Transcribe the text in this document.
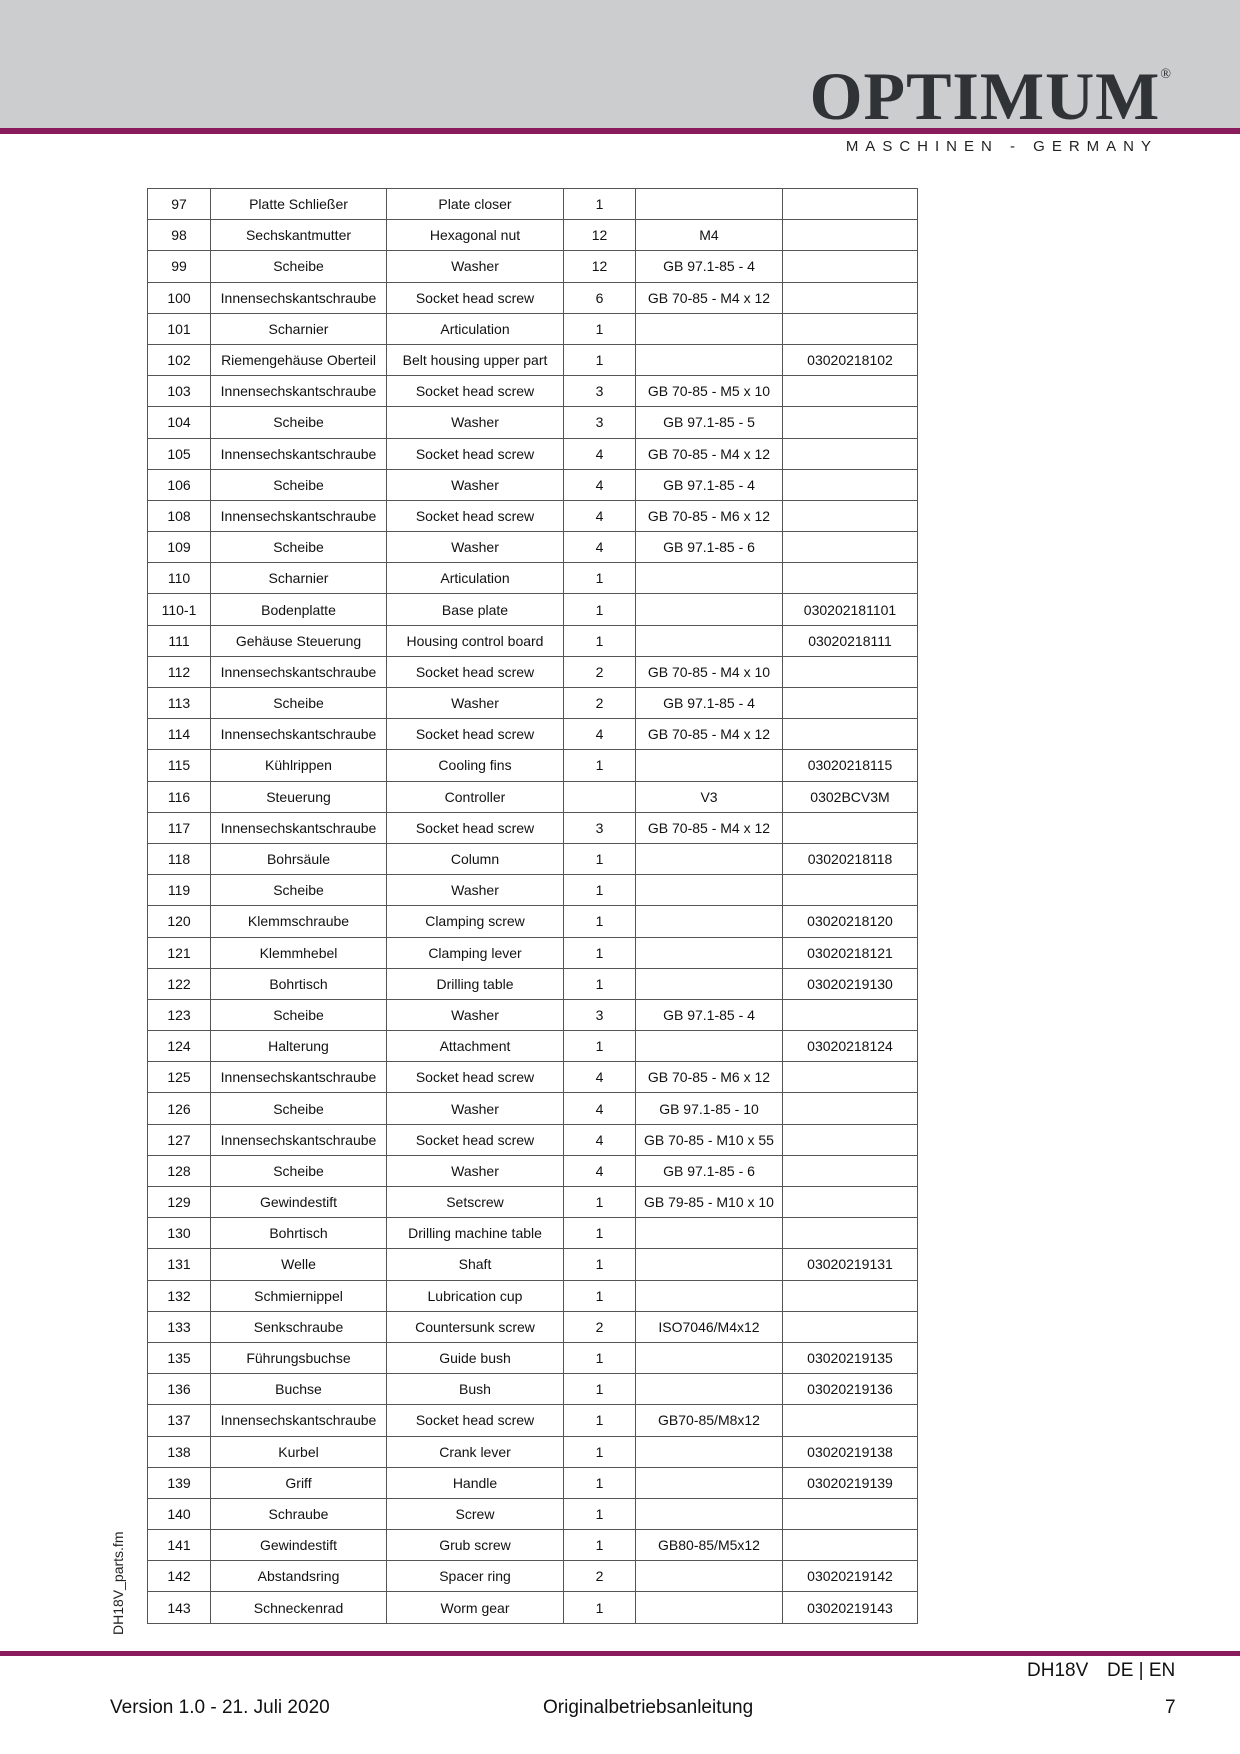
OPTIMUM®
MASCHINEN - GERMANY
97	Platte Schließer	Plate closer	1		
98	Sechskantmutter	Hexagonal nut	12	M4	
99	Scheibe	Washer	12	GB 97.1-85 - 4	
100	Innensechskantschraube	Socket head screw	6	GB 70-85 - M4 x 12	
101	Scharnier	Articulation	1		
102	Riemengehäuse Oberteil	Belt housing upper part	1		03020218102
103	Innensechskantschraube	Socket head screw	3	GB 70-85 - M5 x 10	
104	Scheibe	Washer	3	GB 97.1-85 - 5	
105	Innensechskantschraube	Socket head screw	4	GB 70-85 - M4 x 12	
106	Scheibe	Washer	4	GB 97.1-85 - 4	
108	Innensechskantschraube	Socket head screw	4	GB 70-85 - M6 x 12	
109	Scheibe	Washer	4	GB 97.1-85 - 6	
110	Scharnier	Articulation	1		
110-1	Bodenplatte	Base plate	1		030202181101
111	Gehäuse Steuerung	Housing control board	1		03020218111
112	Innensechskantschraube	Socket head screw	2	GB 70-85 - M4 x 10	
113	Scheibe	Washer	2	GB 97.1-85 - 4	
114	Innensechskantschraube	Socket head screw	4	GB 70-85 - M4 x 12	
115	Kühlrippen	Cooling fins	1		03020218115
116	Steuerung	Controller		V3	0302BCV3M
117	Innensechskantschraube	Socket head screw	3	GB 70-85 - M4 x 12	
118	Bohrsäule	Column	1		03020218118
119	Scheibe	Washer	1		
120	Klemmschraube	Clamping screw	1		03020218120
121	Klemmhebel	Clamping lever	1		03020218121
122	Bohrtisch	Drilling table	1		03020219130
123	Scheibe	Washer	3	GB 97.1-85 - 4	
124	Halterung	Attachment	1		03020218124
125	Innensechskantschraube	Socket head screw	4	GB 70-85 - M6 x 12	
126	Scheibe	Washer	4	GB 97.1-85 - 10	
127	Innensechskantschraube	Socket head screw	4	GB 70-85 - M10 x 55	
128	Scheibe	Washer	4	GB 97.1-85 - 6	
129	Gewindestift	Setscrew	1	GB 79-85 - M10 x 10	
130	Bohrtisch	Drilling machine table	1		
131	Welle	Shaft	1		03020219131
132	Schmiernippel	Lubrication cup	1		
133	Senkschraube	Countersunk screw	2	ISO7046/M4x12	
135	Führungsbuchse	Guide bush	1		03020219135
136	Buchse	Bush	1		03020219136
137	Innensechskantschraube	Socket head screw	1	GB70-85/M8x12	
138	Kurbel	Crank lever	1		03020219138
139	Griff	Handle	1		03020219139
140	Schraube	Screw	1		
141	Gewindestift	Grub screw	1	GB80-85/M5x12	
142	Abstandsring	Spacer ring	2		03020219142
143	Schneckenrad	Worm gear	1		03020219143
DH18V_parts.fm
DH18V DE | EN
Version 1.0 - 21. Juli 2020	Originalbetriebsanleitung	7
